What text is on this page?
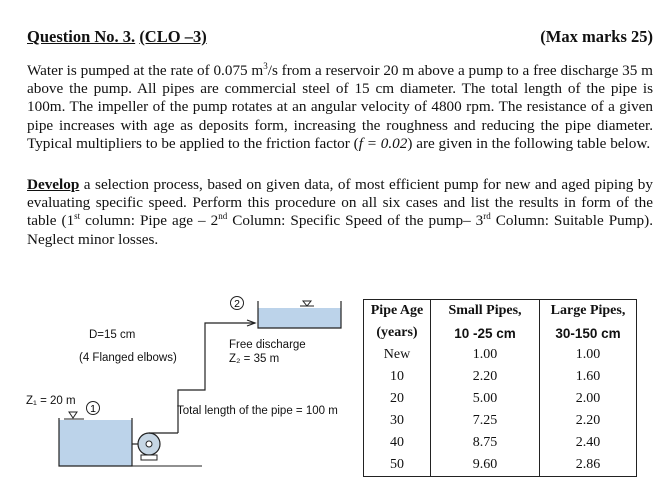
Question No. 3. (CLO –3)	(Max marks 25)
Water is pumped at the rate of 0.075 $m^3/s$ from a reservoir 20 m above a pump to a free discharge 35 m above the pump. All pipes are commercial steel of 15 cm diameter. The total length of the pipe is 100m. The impeller of the pump rotates at an angular velocity of 4800 rpm. The resistance of a given pipe increases with age as deposits form, increasing the roughness and reducing the pipe diameter. Typical multipliers to be applied to the friction factor (f = 0.02) are given in the following table below.
Develop a selection process, based on given data, of most efficient pump for new and aged piping by evaluating specific speed. Perform this procedure on all six cases and list the results in form of the table (1st column: Pipe age – 2nd Column: Specific Speed of the pump– 3rd Column: Suitable Pump). Neglect minor losses.
2
1
D=15 cm
(4 Flanged elbows)
Free discharge
Z₂ = 35 m
Z₁ = 20 m
Total length of the pipe = 100 m
Pipe Age	Small Pipes,	Large Pipes,
(years)	10 -25 cm	30-150 cm
New	1.00	1.00
10	2.20	1.60
20	5.00	2.00
30	7.25	2.20
40	8.75	2.40
50	9.60	2.86
